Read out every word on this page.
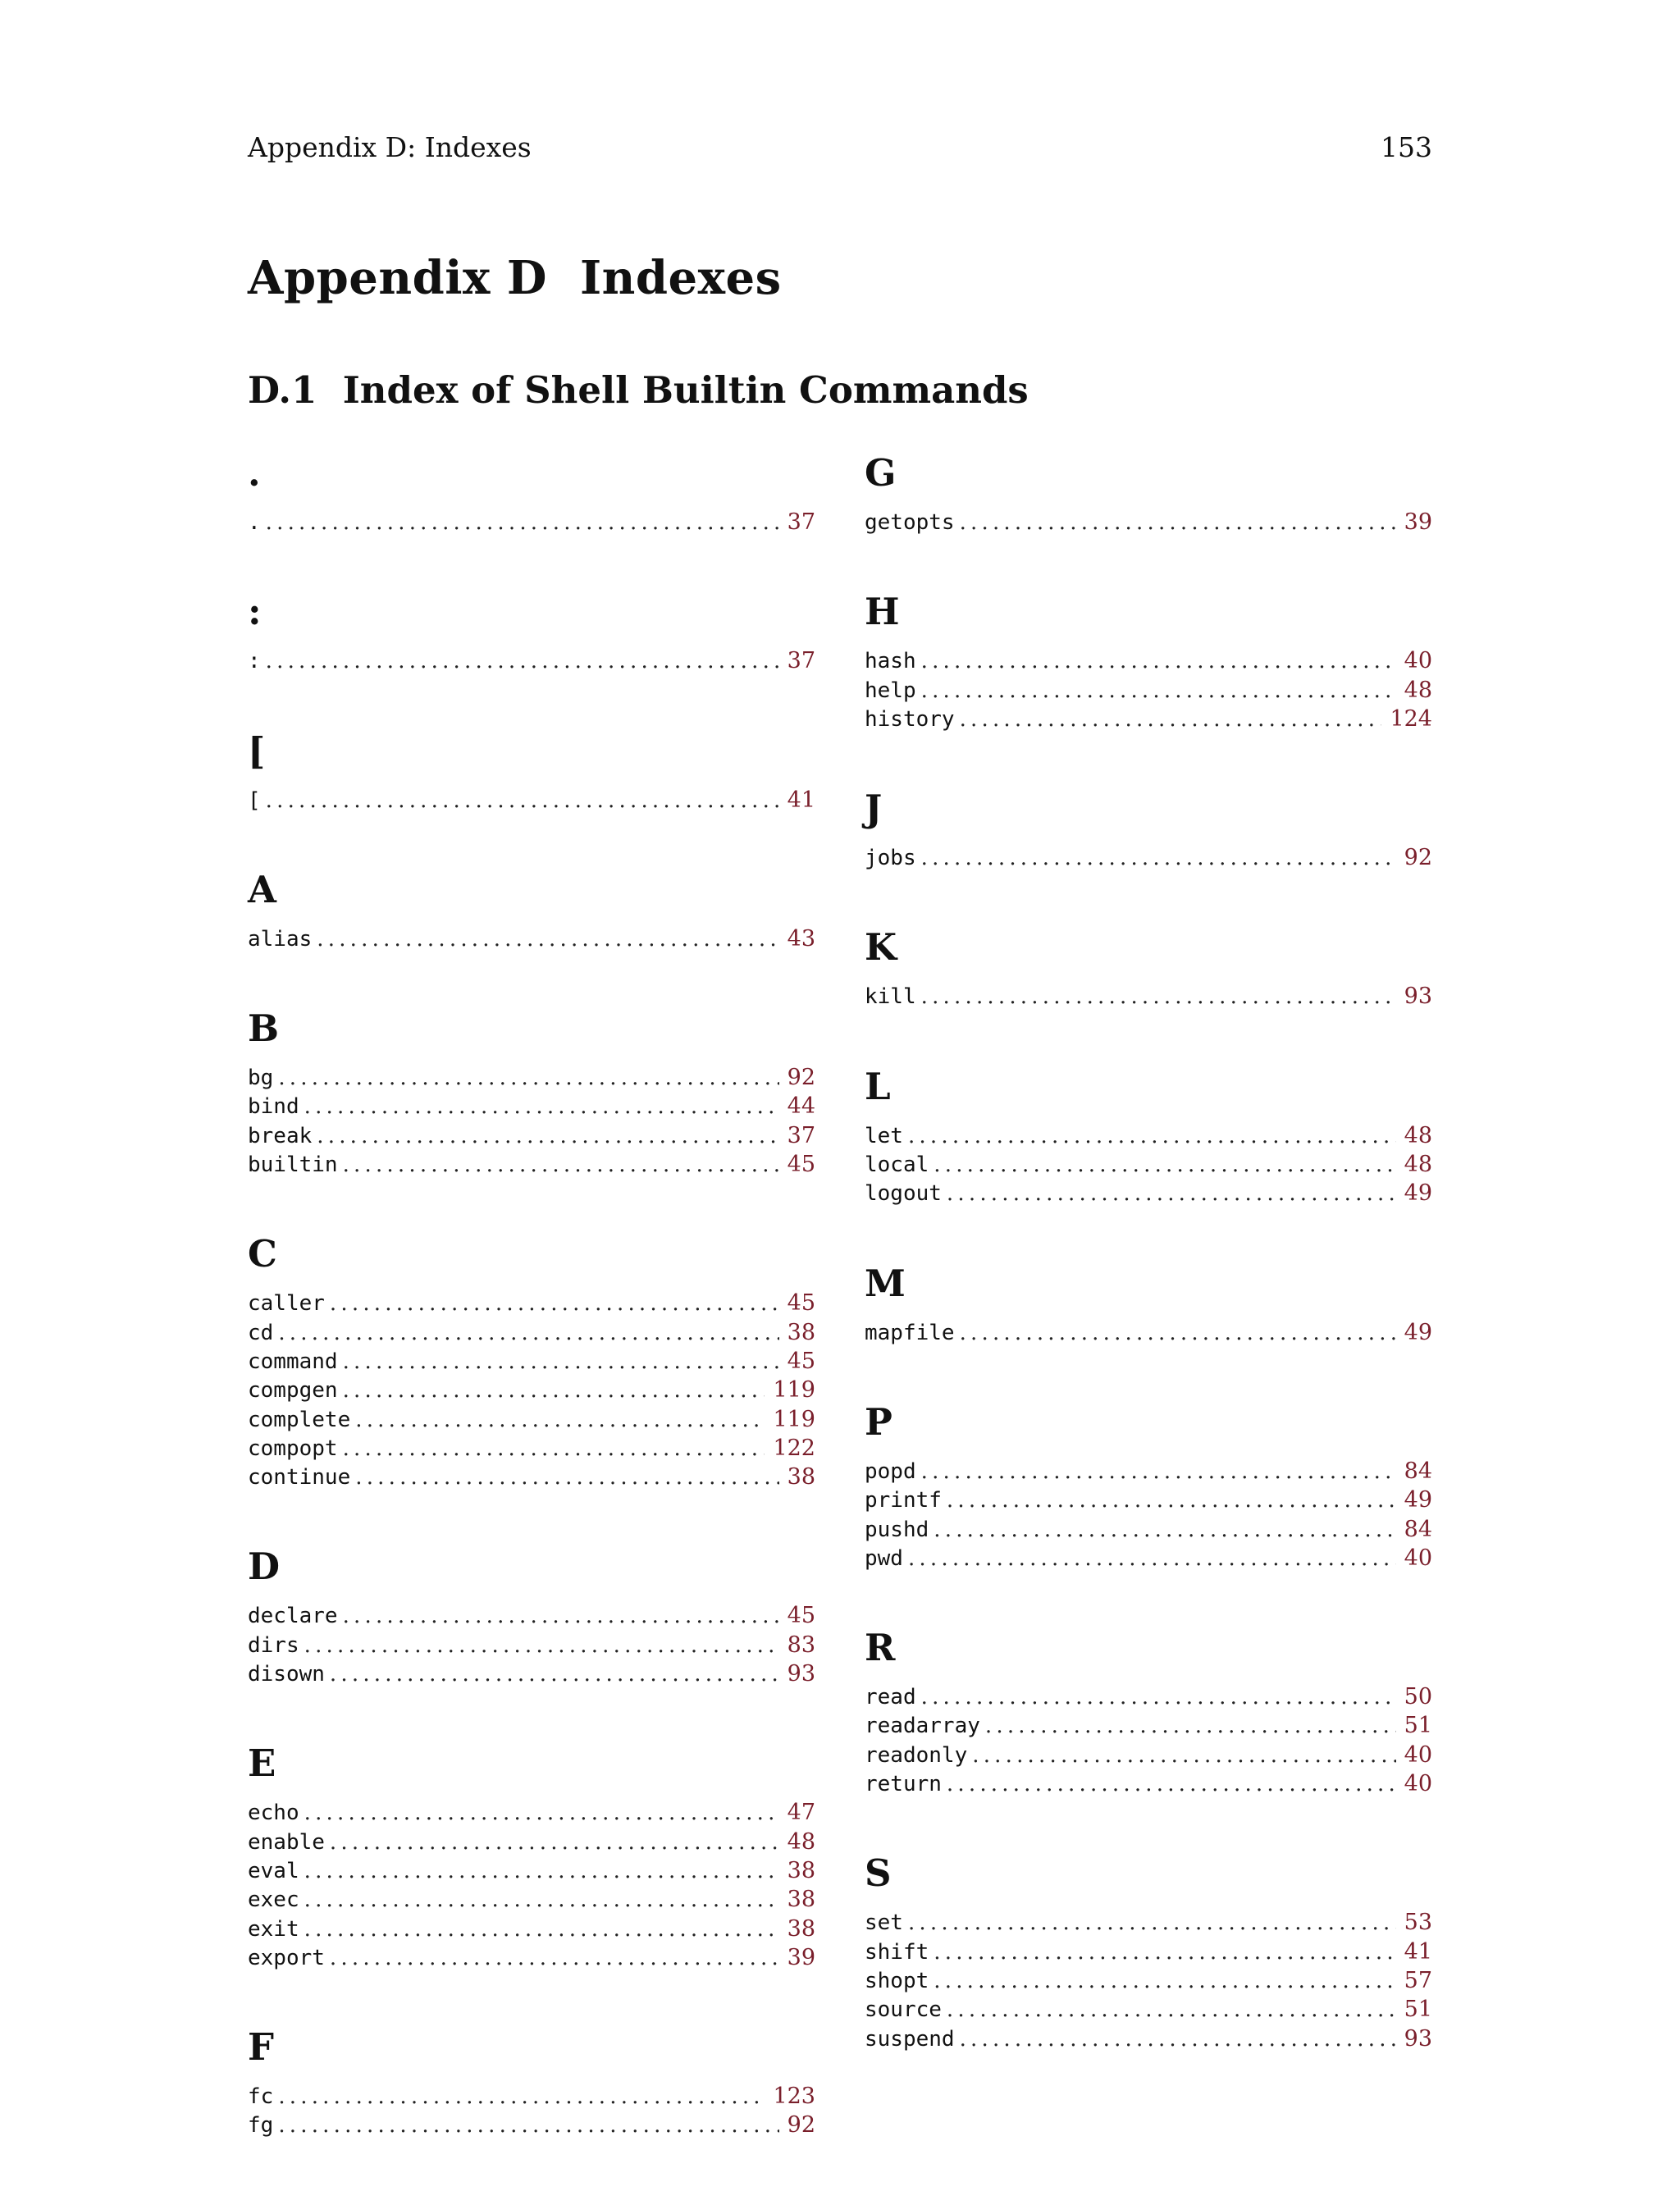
Appendix D: Indexes	153
Appendix D  Indexes
D.1  Index of Shell Builtin Commands
.
. .....	37
:
: .....	37
[
[ .....	41
A
alias .....	43
B
bg .....	92
bind .....	44
break .....	37
builtin .....	45
C
caller .....	45
cd .....	38
command .....	45
compgen .....	119
complete .....	119
compopt .....	122
continue .....	38
D
declare .....	45
dirs .....	83
disown .....	93
E
echo .....	47
enable .....	48
eval .....	38
exec .....	38
exit .....	38
export .....	39
F
fc .....	123
fg .....	92
G
getopts .....	39
H
hash .....	40
help .....	48
history .....	124
J
jobs .....	92
K
kill .....	93
L
let .....	48
local .....	48
logout .....	49
M
mapfile .....	49
P
popd .....	84
printf .....	49
pushd .....	84
pwd .....	40
R
read .....	50
readarray .....	51
readonly .....	40
return .....	40
S
set .....	53
shift .....	41
shopt .....	57
source .....	51
suspend .....	93
